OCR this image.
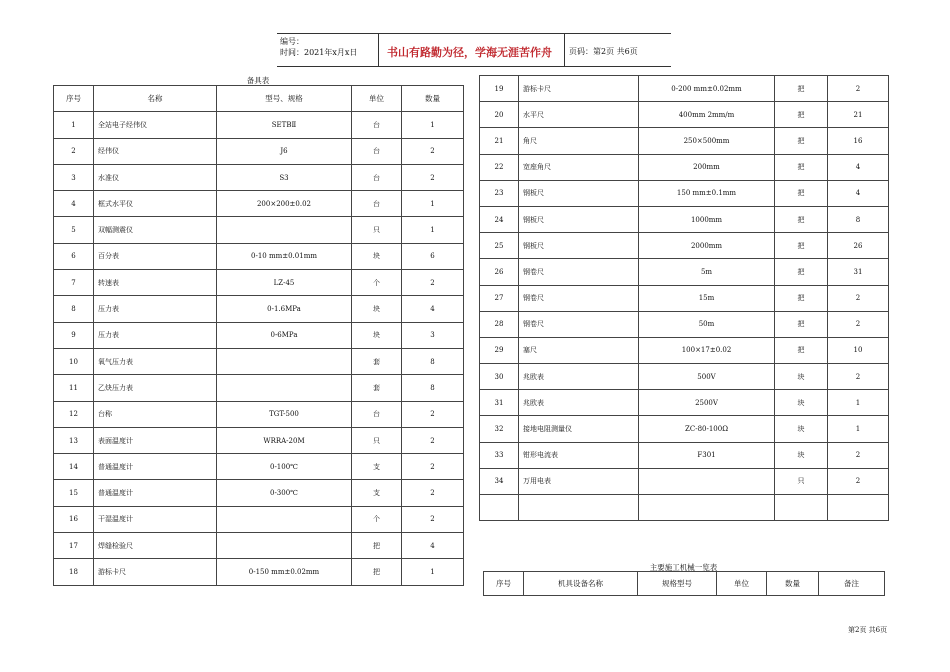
编号：
时间：2021年x月x日	书山有路勤为径，学海无涯苦作舟 页码：第2页 共6页
备具表
序号	名称	型号、规格	单位	数量
1	全站电子经伟仪	SETBⅡ	台	1
2	经伟仪	J6	台	2
3	水准仪	S3	台	2
4	框式水平仪	200×200±0.02	台	1
5	双幅测震仪		只	1
6	百分表	0-10 mm±0.01mm	块	6
7	转速表	LZ-45	个	2
8	压力表	0-1.6MPa	块	4
9	压力表	0-6MPa	块	3
10	氧气压力表		套	8
11	乙炔压力表		套	8
12	台称	TGT-500	台	2
13	表面温度计	WRRA-20M	只	2
14	普通温度计	0-100℃	支	2
15	普通温度计	0-300℃	支	2
16	干湿温度计		个	2
17	焊缝检验尺		把	4
18	游标卡尺	0-150 mm±0.02mm	把	1
19	游标卡尺	0-200 mm±0.02mm	把	2
20	水平尺	400mm 2mm/m	把	21
21	角尺	250×500mm	把	16
22	宽座角尺	200mm	把	4
23	钢板尺	150 mm±0.1mm	把	4
24	钢板尺	1000mm	把	8
25	钢板尺	2000mm	把	26
26	钢卷尺	5m	把	31
27	钢卷尺	15m	把	2
28	钢卷尺	50m	把	2
29	塞尺	100×17±0.02	把	10
30	兆欧表	500V	块	2
31	兆欧表	2500V	块	1
32	接地电阻测量仪	ZC-80-100Ω	块	1
33	钳形电流表	F301	块	2
34	万用电表		只	2

主要施工机械一览表
序号	机具设备名称	规格型号	单位	数量	备注
第2页 共6页
